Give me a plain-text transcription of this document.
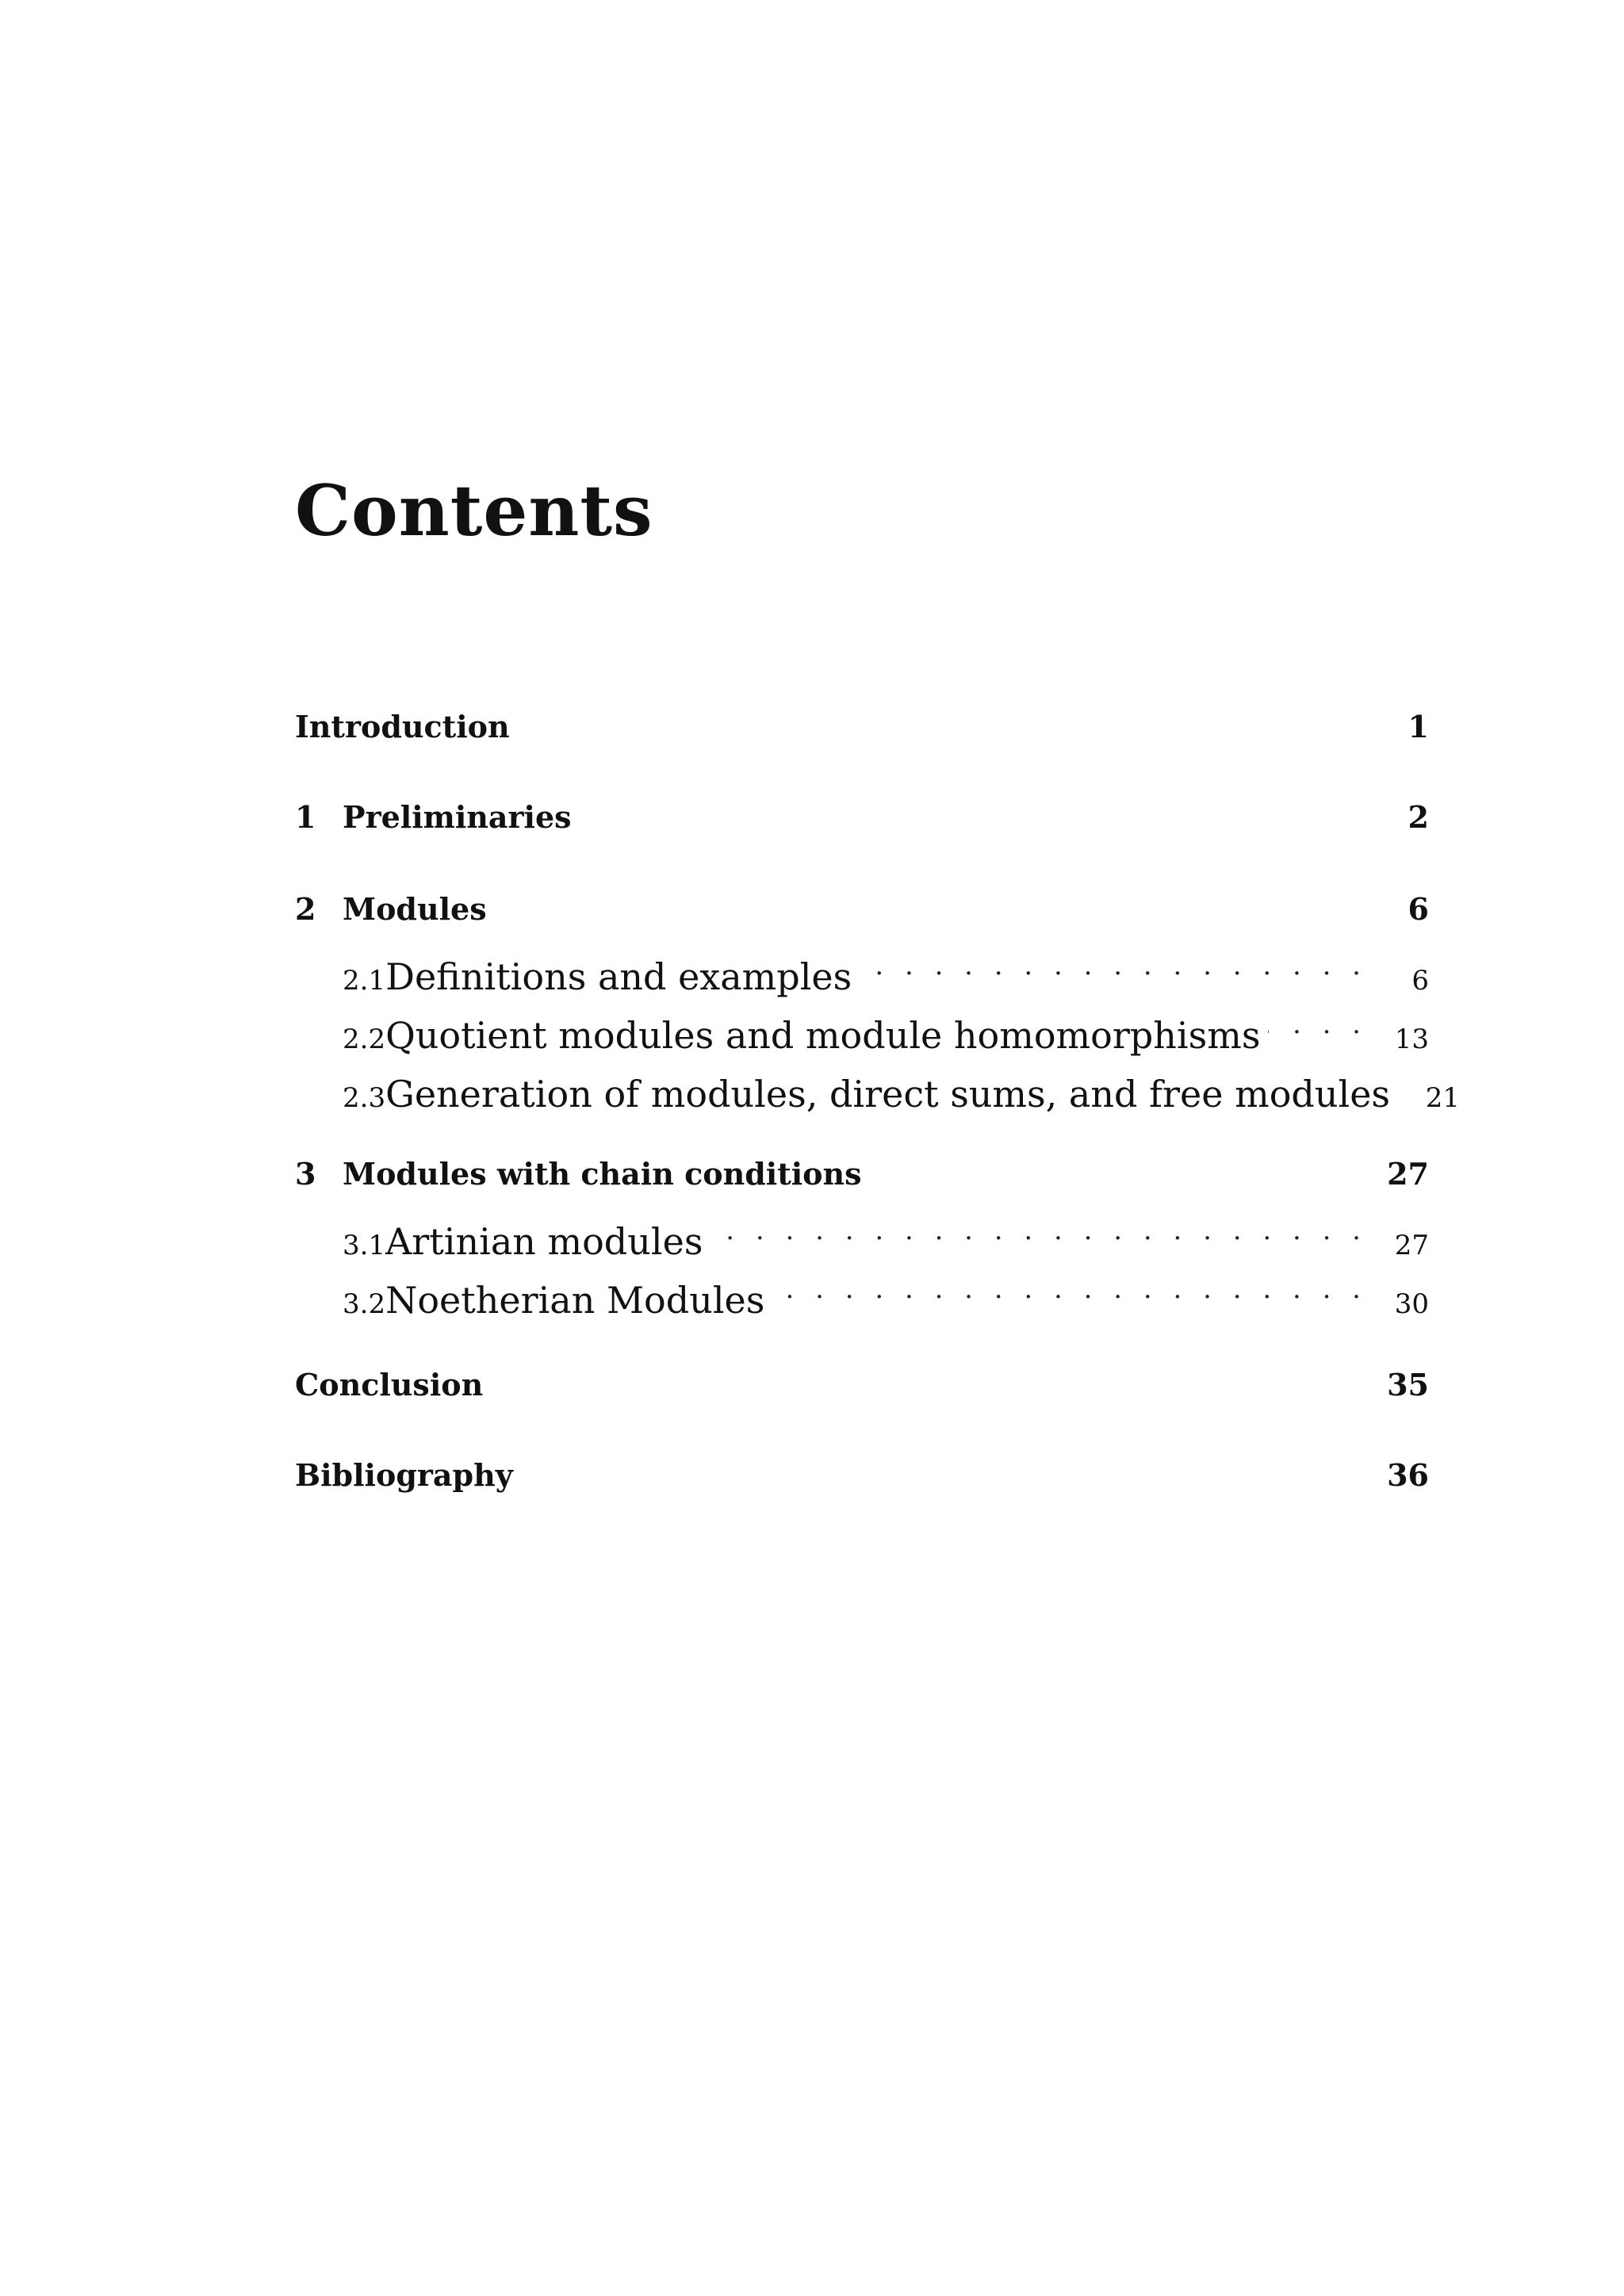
Contents
Introduction	1
1 Preliminaries	2
2 Modules	6
2.1 Definitions and examples . . .	6
2.2 Quotient modules and module homomorphisms . . .	13
2.3 Generation of modules, direct sums, and free modules	21
3 Modules with chain conditions	27
3.1 Artinian modules . . .	27
3.2 Noetherian Modules . . .	30
Conclusion	35
Bibliography	36
